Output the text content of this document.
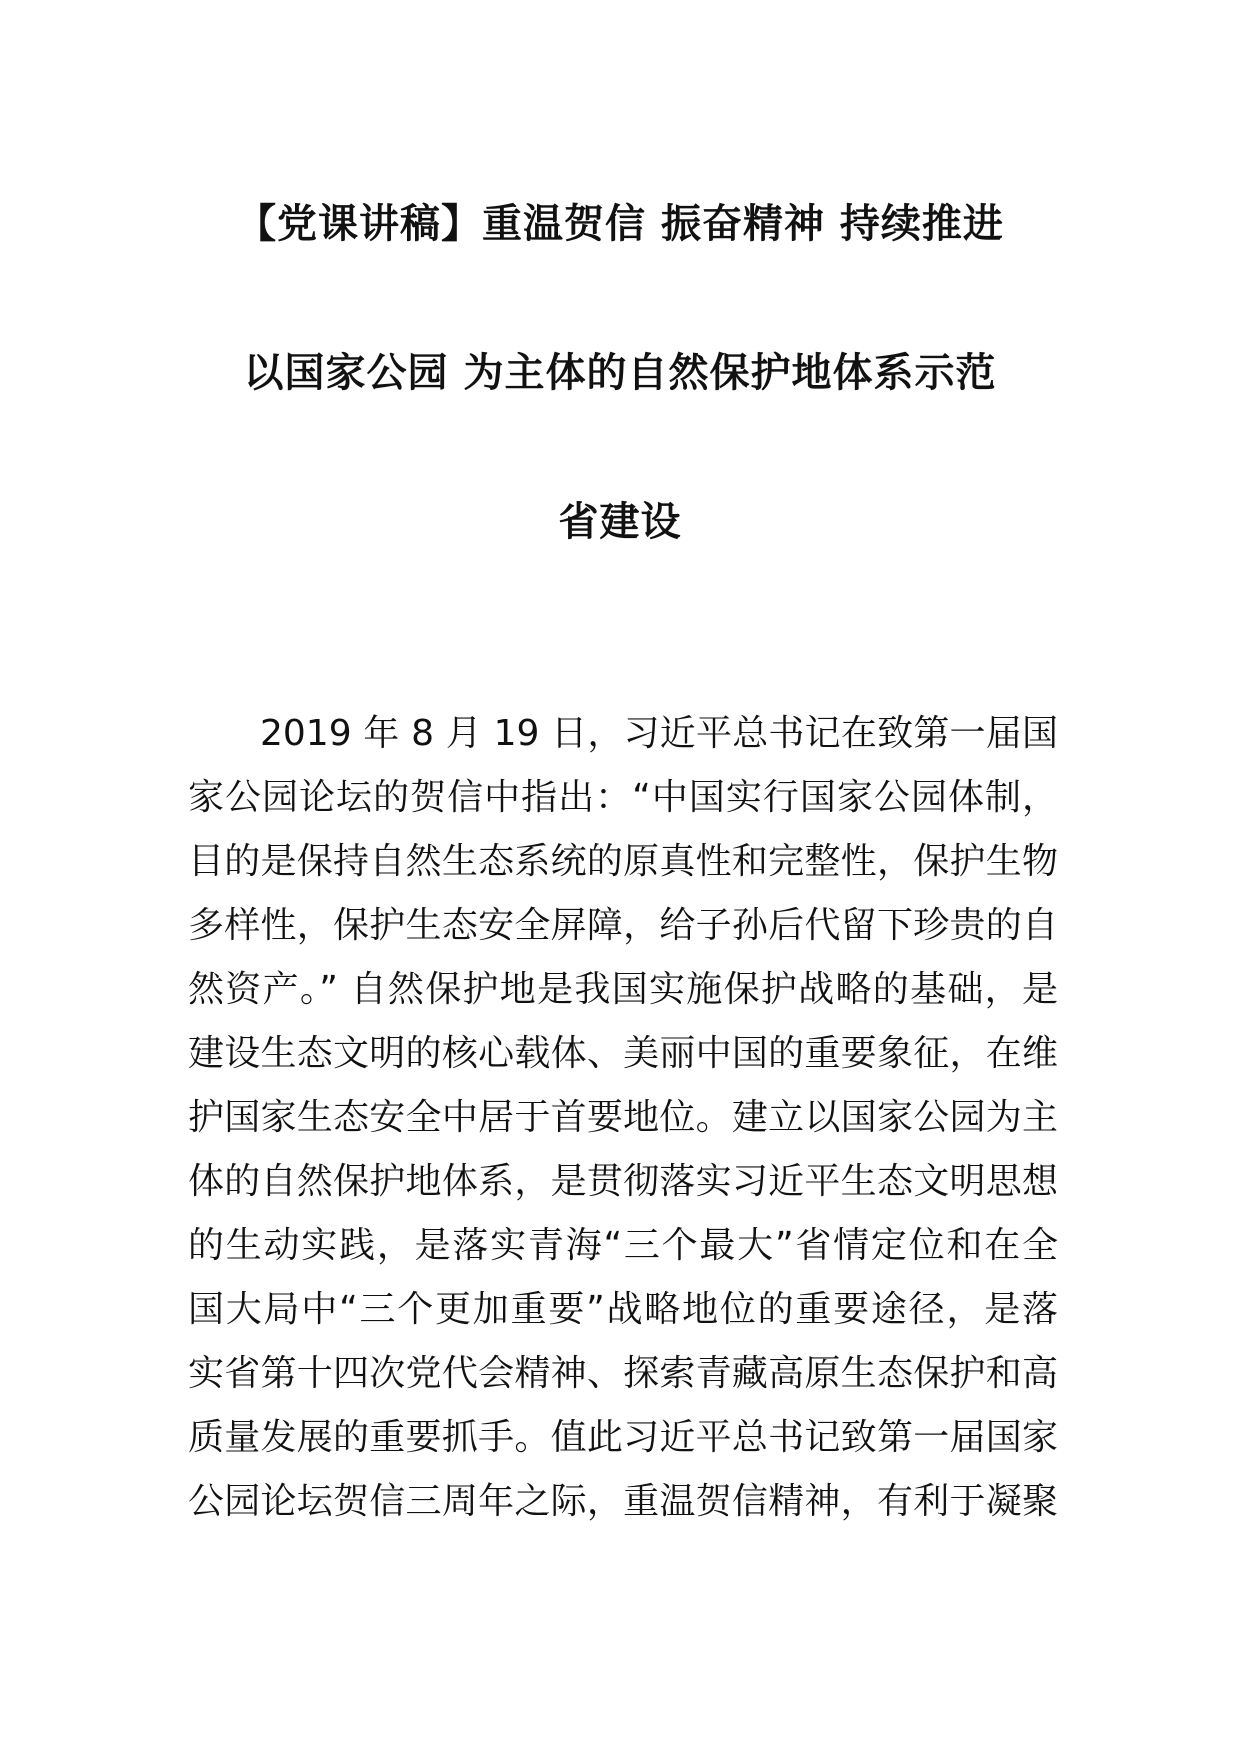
【党课讲稿】重温贺信 振奋精神 持续推进
以国家公园 为主体的自然保护地体系示范
省建设
2019 年 8 月 19 日，习近平总书记在致第一届国
家公园论坛的贺信中指出：“中国实行国家公园体制，
目的是保持自然生态系统的原真性和完整性，保护生物
多样性，保护生态安全屏障，给子孙后代留下珍贵的自
然资产。” 自然保护地是我国实施保护战略的基础，是
建设生态文明的核心载体、美丽中国的重要象征，在维
护国家生态安全中居于首要地位。建立以国家公园为主
体的自然保护地体系，是贯彻落实习近平生态文明思想
的生动实践，是落实青海“三个最大”省情定位和在全
国大局中“三个更加重要”战略地位的重要途径，是落
实省第十四次党代会精神、探索青藏高原生态保护和高
质量发展的重要抓手。值此习近平总书记致第一届国家
公园论坛贺信三周年之际，重温贺信精神，有利于凝聚
